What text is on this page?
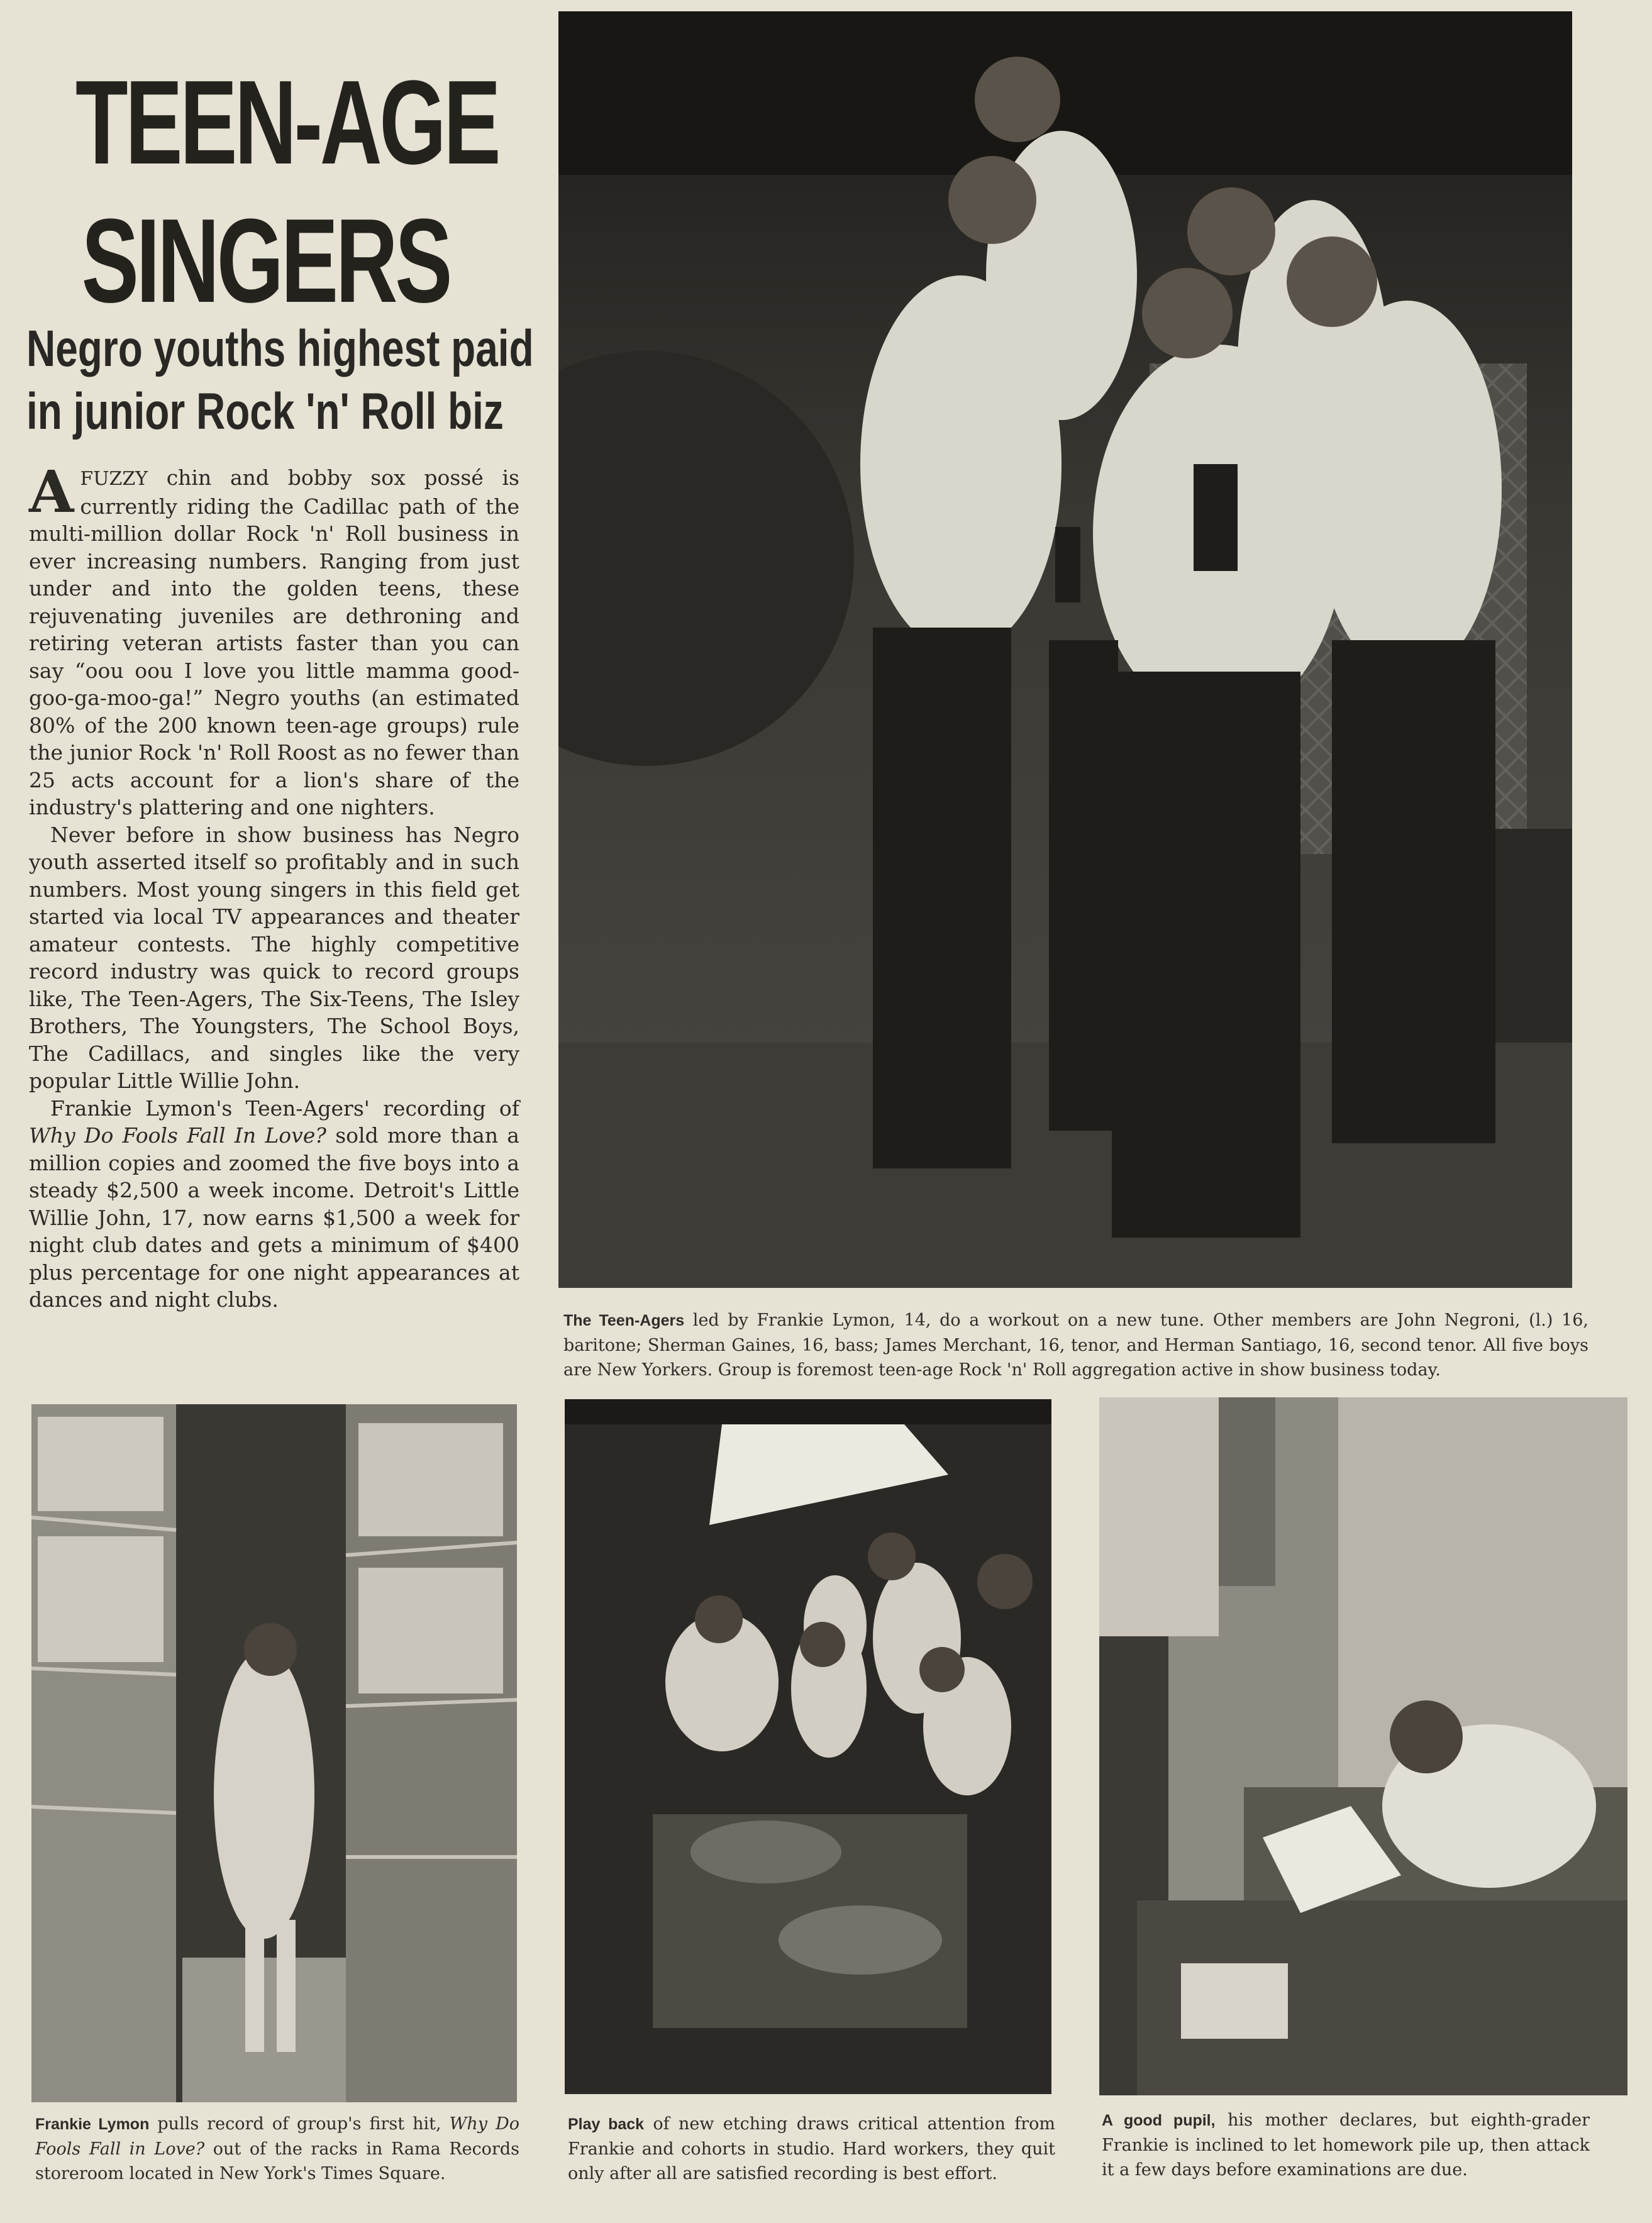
TEEN-AGE
SINGERS
Negro youths highest paid
in junior Rock 'n' Roll biz

AFUZZY chin and bobby sox possé is currently riding the Cadillac path of the multi-million dollar Rock 'n' Roll business in ever increasing numbers. Ranging from just under and into the golden teens, these rejuvenating juveniles are dethroning and retiring veteran artists faster than you can say “oou oou I love you little mamma good-goo-ga-moo-ga!” Negro youths (an estimated 80% of the 200 known teen-age groups) rule the junior Rock 'n' Roll Roost as no fewer than 25 acts account for a lion's share of the industry's plattering and one nighters.

Never before in show business has Negro youth asserted itself so profitably and in such numbers. Most young singers in this field get started via local TV appearances and theater amateur contests. The highly competitive record industry was quick to record groups like, The Teen-Agers, The Six-Teens, The Isley Brothers, The Youngsters, The School Boys, The Cadillacs, and singles like the very popular Little Willie John.

Frankie Lymon's Teen-Agers' recording of Why Do Fools Fall In Love? sold more than a million copies and zoomed the five boys into a steady $2,500 a week income. Detroit's Little Willie John, 17, now earns $1,500 a week for night club dates and gets a minimum of $400 plus percentage for one night appearances at dances and night clubs.

The Teen-Agers led by Frankie Lymon, 14, do a workout on a new tune. Other members are John Negroni, (l.) 16, baritone; Sherman Gaines, 16, bass; James Merchant, 16, tenor, and Herman Santiago, 16, second tenor. All five boys are New Yorkers. Group is foremost teen-age Rock 'n' Roll aggregation active in show business today.
Frankie Lymon pulls record of group's first hit, Why Do Fools Fall in Love? out of the racks in Rama Records storeroom located in New York's Times Square.
Play back of new etching draws critical attention from Frankie and cohorts in studio. Hard workers, they quit only after all are satisfied recording is best effort.
A good pupil, his mother declares, but eighth-grader Frankie is inclined to let homework pile up, then attack it a few days before examinations are due.
